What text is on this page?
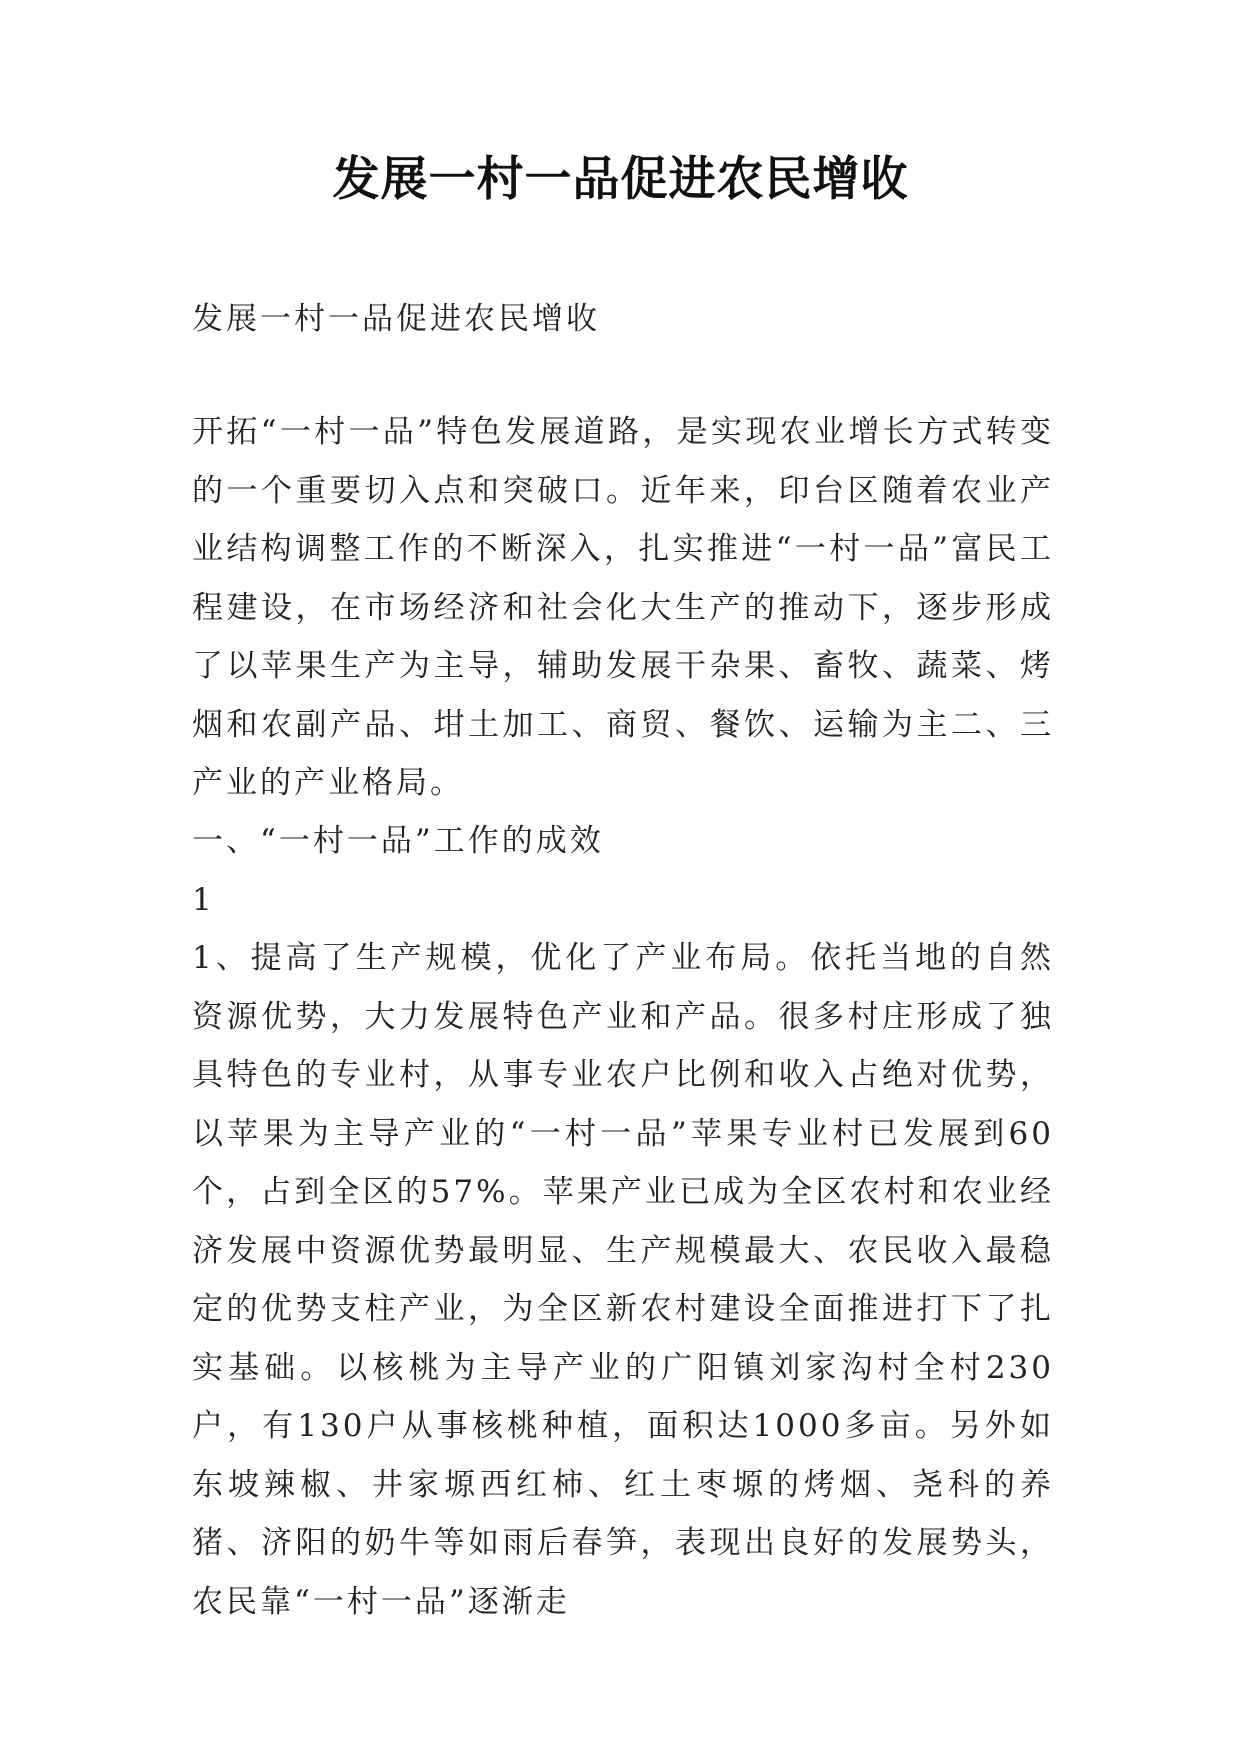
发展一村一品促进农民增收

发展一村一品促进农民增收

开拓“一村一品”特色发展道路，是实现农业增长方式转变的一个重要切入点和突破口。近年来，印台区随着农业产业结构调整工作的不断深入，扎实推进“一村一品”富民工程建设，在市场经济和社会化大生产的推动下，逐步形成了以苹果生产为主导，辅助发展干杂果、畜牧、蔬菜、烤烟和农副产品、坩土加工、商贸、餐饮、运输为主二、三产业的产业格局。

一、“一村一品”工作的成效

1

1、提高了生产规模，优化了产业布局。依托当地的自然资源优势，大力发展特色产业和产品。很多村庄形成了独具特色的专业村，从事专业农户比例和收入占绝对优势，以苹果为主导产业的“一村一品”苹果专业村已发展到60个，占到全区的57%。苹果产业已成为全区农村和农业经济发展中资源优势最明显、生产规模最大、农民收入最稳定的优势支柱产业，为全区新农村建设全面推进打下了扎实基础。以核桃为主导产业的广阳镇刘家沟村全村230户，有130户从事核桃种植，面积达1000多亩。另外如东坡辣椒、井家塬西红柿、红土枣塬的烤烟、尧科的养猪、济阳的奶牛等如雨后春笋，表现出良好的发展势头，农民靠“一村一品”逐渐走
